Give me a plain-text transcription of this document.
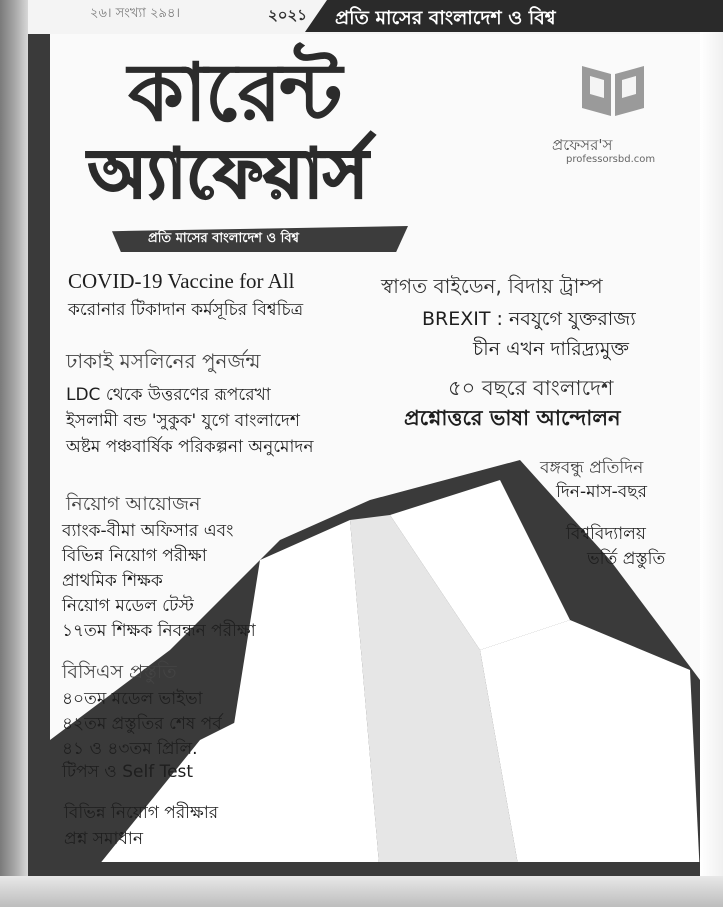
২৬। সংখ্যা ২৯৪।	২০২১ প্রতি মাসের বাংলাদেশ ও বিশ্ব
কারেন্ট
অ্যাফেয়ার্স
প্রতি মাসের বাংলাদেশ ও বিশ্ব
প্রফেসর'স
professorsbd.com
COVID-19 Vaccine for All
করোনার টিকাদান কর্মসূচির বিশ্বচিত্র
ঢাকাই মসলিনের পুনর্জন্ম
LDC থেকে উত্তরণের রূপরেখা
ইসলামী বন্ড 'সুকুক' যুগে বাংলাদেশ
অষ্টম পঞ্চবার্ষিক পরিকল্পনা অনুমোদন
নিয়োগ আয়োজন
ব্যাংক-বীমা অফিসার এবং
বিভিন্ন নিয়োগ পরীক্ষা
প্রাথমিক শিক্ষক
নিয়োগ মডেল টেস্ট
১৭তম শিক্ষক নিবন্ধন পরীক্ষা
বিসিএস প্রস্তুতি
৪০তম মডেল ভাইভা
৪২তম প্রস্তুতির শেষ পর্ব
৪১ ও ৪৩তম প্রিলি.
টিপস ও Self Test
বিভিন্ন নিয়োগ পরীক্ষার
প্রশ্ন সমাধান
স্বাগত বাইডেন, বিদায় ট্রাম্প
BREXIT : নবযুগে যুক্তরাজ্য
চীন এখন দারিদ্র্যমুক্ত
৫০ বছরে বাংলাদেশ
প্রশ্নোত্তরে ভাষা আন্দোলন
বঙ্গবন্ধু প্রতিদিন
দিন-মাস-বছর
বিশ্ববিদ্যালয়
ভর্তি প্রস্তুতি
